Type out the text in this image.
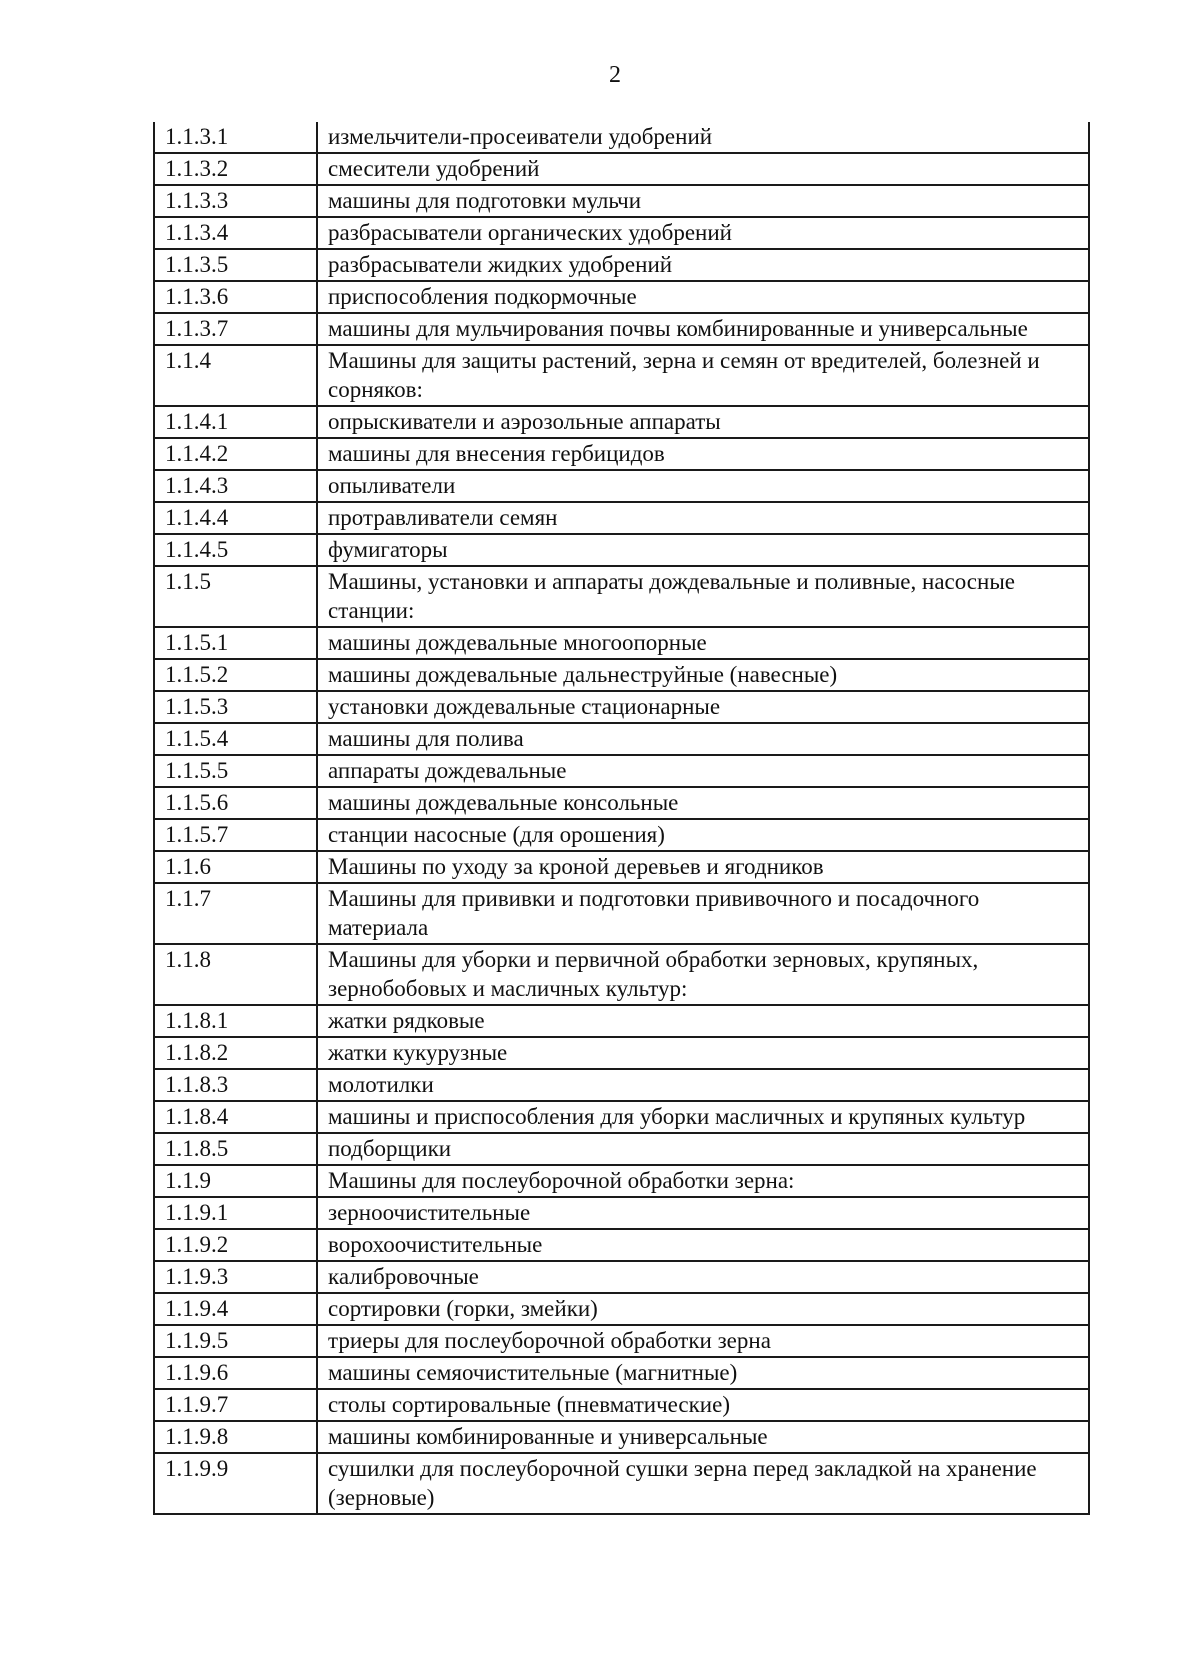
2
1.1.3.1	измельчители-просеиватели удобрений
1.1.3.2	смесители удобрений
1.1.3.3	машины для подготовки мульчи
1.1.3.4	разбрасыватели органических удобрений
1.1.3.5	разбрасыватели жидких удобрений
1.1.3.6	приспособления подкормочные
1.1.3.7	машины для мульчирования почвы комбинированные и универсальные
1.1.4	Машины для защиты растений, зерна и семян от вредителей, болезней и сорняков:
1.1.4.1	опрыскиватели и аэрозольные аппараты
1.1.4.2	машины для внесения гербицидов
1.1.4.3	опыливатели
1.1.4.4	протравливатели семян
1.1.4.5	фумигаторы
1.1.5	Машины, установки и аппараты дождевальные и поливные, насосные станции:
1.1.5.1	машины дождевальные многоопорные
1.1.5.2	машины дождевальные дальнеструйные (навесные)
1.1.5.3	установки дождевальные стационарные
1.1.5.4	машины для полива
1.1.5.5	аппараты дождевальные
1.1.5.6	машины дождевальные консольные
1.1.5.7	станции насосные (для орошения)
1.1.6	Машины по уходу за кроной деревьев и ягодников
1.1.7	Машины для прививки и подготовки прививочного и посадочного материала
1.1.8	Машины для уборки и первичной обработки зерновых, крупяных, зернобобовых и масличных культур:
1.1.8.1	жатки рядковые
1.1.8.2	жатки кукурузные
1.1.8.3	молотилки
1.1.8.4	машины и приспособления для уборки масличных и крупяных культур
1.1.8.5	подборщики
1.1.9	Машины для послеуборочной обработки зерна:
1.1.9.1	зерноочистительные
1.1.9.2	ворохоочистительные
1.1.9.3	калибровочные
1.1.9.4	сортировки (горки, змейки)
1.1.9.5	триеры для послеуборочной обработки зерна
1.1.9.6	машины семяочистительные (магнитные)
1.1.9.7	столы сортировальные (пневматические)
1.1.9.8	машины комбинированные и универсальные
1.1.9.9	сушилки для послеуборочной сушки зерна перед закладкой на хранение (зерновые)
